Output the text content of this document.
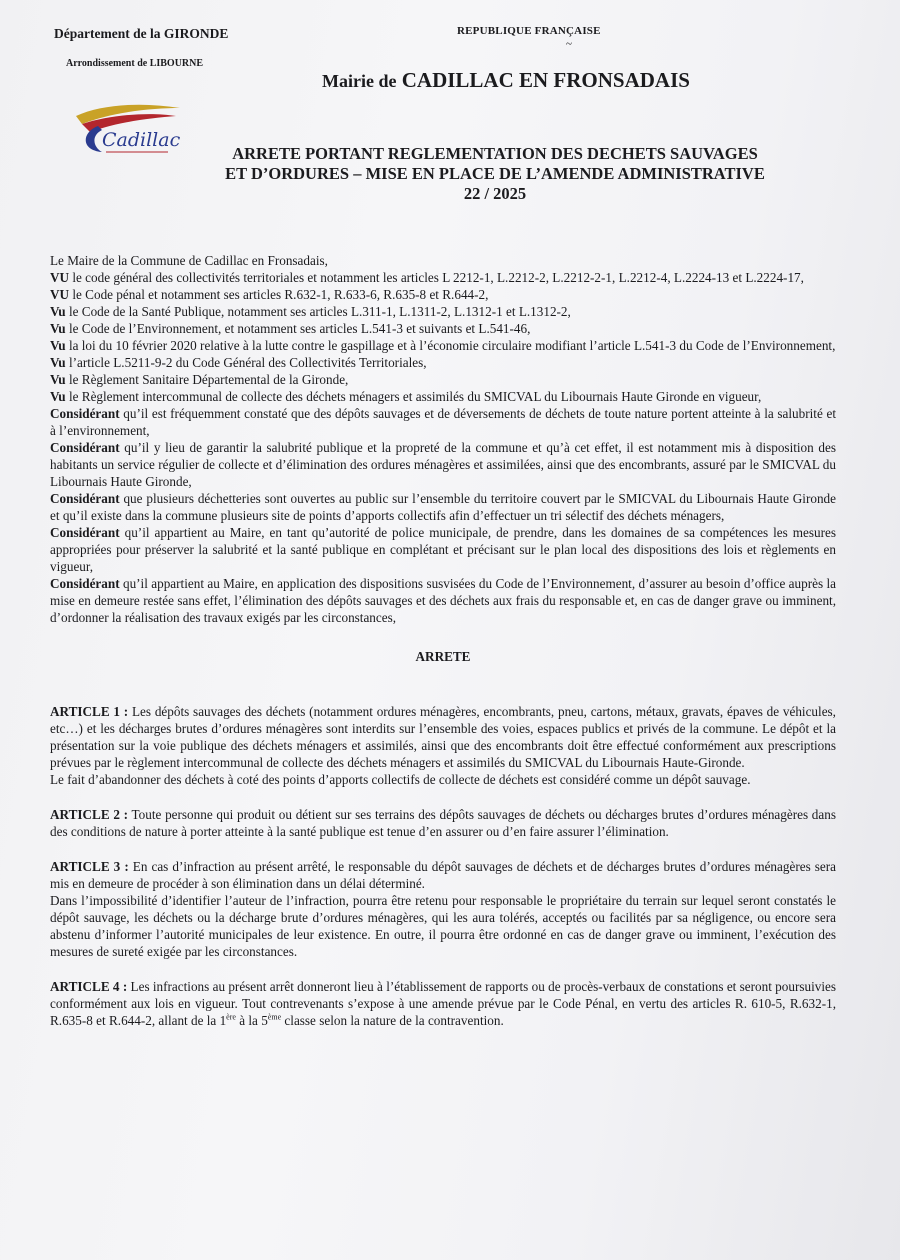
Département de la GIRONDE
Arrondissement de LIBOURNE
REPUBLIQUE FRANÇAISE
~
Mairie de CADILLAC EN FRONSADAIS
Cadillac
ARRETE PORTANT REGLEMENTATION DES DECHETS SAUVAGES
ET D’ORDURES – MISE EN PLACE DE L’AMENDE ADMINISTRATIVE
22 / 2025

Le Maire de la Commune de Cadillac en Fronsadais,

VU le code général des collectivités territoriales et notamment les articles L 2212-1, L.2212-2, L.2212-2-1, L.2212-4, L.2224-13 et L.2224-17,

VU le Code pénal et notamment ses articles R.632-1, R.633-6, R.635-8 et R.644-2,

Vu le Code de la Santé Publique, notamment ses articles L.311-1, L.1311-2, L.1312-1 et L.1312-2,

Vu le Code de l’Environnement, et notamment ses articles L.541-3 et suivants et L.541-46,

Vu la loi du 10 février 2020 relative à la lutte contre le gaspillage et à l’économie circulaire modifiant l’article L.541-3 du Code de l’Environnement,

Vu l’article L.5211-9-2 du Code Général des Collectivités Territoriales,

Vu le Règlement Sanitaire Départemental de la Gironde,

Vu le Règlement intercommunal de collecte des déchets ménagers et assimilés du SMICVAL du Libournais Haute Gironde en vigueur,

Considérant qu’il est fréquemment constaté que des dépôts sauvages et de déversements de déchets de toute nature portent atteinte à la salubrité et à l’environnement,

Considérant qu’il y lieu de garantir la salubrité publique et la propreté de la commune et qu’à cet effet, il est notamment mis à disposition des habitants un service régulier de collecte et d’élimination des ordures ménagères et assimilées, ainsi que des encombrants, assuré par le SMICVAL du Libournais Haute Gironde,

Considérant que plusieurs déchetteries sont ouvertes au public sur l’ensemble du territoire couvert par le SMICVAL du Libournais Haute Gironde et qu’il existe dans la commune plusieurs site de points d’apports collectifs afin d’effectuer un tri sélectif des déchets ménagers,

Considérant qu’il appartient au Maire, en tant qu’autorité de police municipale, de prendre, dans les domaines de sa compétences les mesures appropriées pour préserver la salubrité et la santé publique en complétant et précisant sur le plan local des dispositions des lois et règlements en vigueur,

Considérant qu’il appartient au Maire, en application des dispositions susvisées du Code de l’Environnement, d’assurer au besoin d’office auprès la mise en demeure restée sans effet, l’élimination des dépôts sauvages et des déchets aux frais du responsable et, en cas de danger grave ou imminent, d’ordonner la réalisation des travaux exigés par les circonstances,

ARRETE

ARTICLE 1 : Les dépôts sauvages des déchets (notamment ordures ménagères, encombrants, pneu, cartons, métaux, gravats, épaves de véhicules, etc…) et les décharges brutes d’ordures ménagères sont interdits sur l’ensemble des voies, espaces publics et privés de la commune. Le dépôt et la présentation sur la voie publique des déchets ménagers et assimilés, ainsi que des encombrants doit être effectué conformément aux prescriptions prévues par le règlement intercommunal de collecte des déchets ménagers et assimilés du SMICVAL du Libournais Haute-Gironde.

Le fait d’abandonner des déchets à coté des points d’apports collectifs de collecte de déchets est considéré comme un dépôt sauvage.

ARTICLE 2 : Toute personne qui produit ou détient sur ses terrains des dépôts sauvages de déchets ou décharges brutes d’ordures ménagères dans des conditions de nature à porter atteinte à la santé publique est tenue d’en assurer ou d’en faire assurer l’élimination.

ARTICLE 3 : En cas d’infraction au présent arrêté, le responsable du dépôt sauvages de déchets et de décharges brutes d’ordures ménagères sera mis en demeure de procéder à son élimination dans un délai déterminé.

Dans l’impossibilité d’identifier l’auteur de l’infraction, pourra être retenu pour responsable le propriétaire du terrain sur lequel seront constatés le dépôt sauvage, les déchets ou la décharge brute d’ordures ménagères, qui les aura tolérés, acceptés ou facilités par sa négligence, ou encore sera abstenu d’informer l’autorité municipales de leur existence. En outre, il pourra être ordonné en cas de danger grave ou imminent, l’exécution des mesures de sureté exigée par les circonstances.

ARTICLE 4 : Les infractions au présent arrêt donneront lieu à l’établissement de rapports ou de procès-verbaux de constations et seront poursuivies conformément aux lois en vigueur. Tout contrevenants s’expose à une amende prévue par le Code Pénal, en vertu des articles R. 610-5, R.632-1, R.635-8 et R.644-2, allant de la 1ère à la 5ème classe selon la nature de la contravention.
